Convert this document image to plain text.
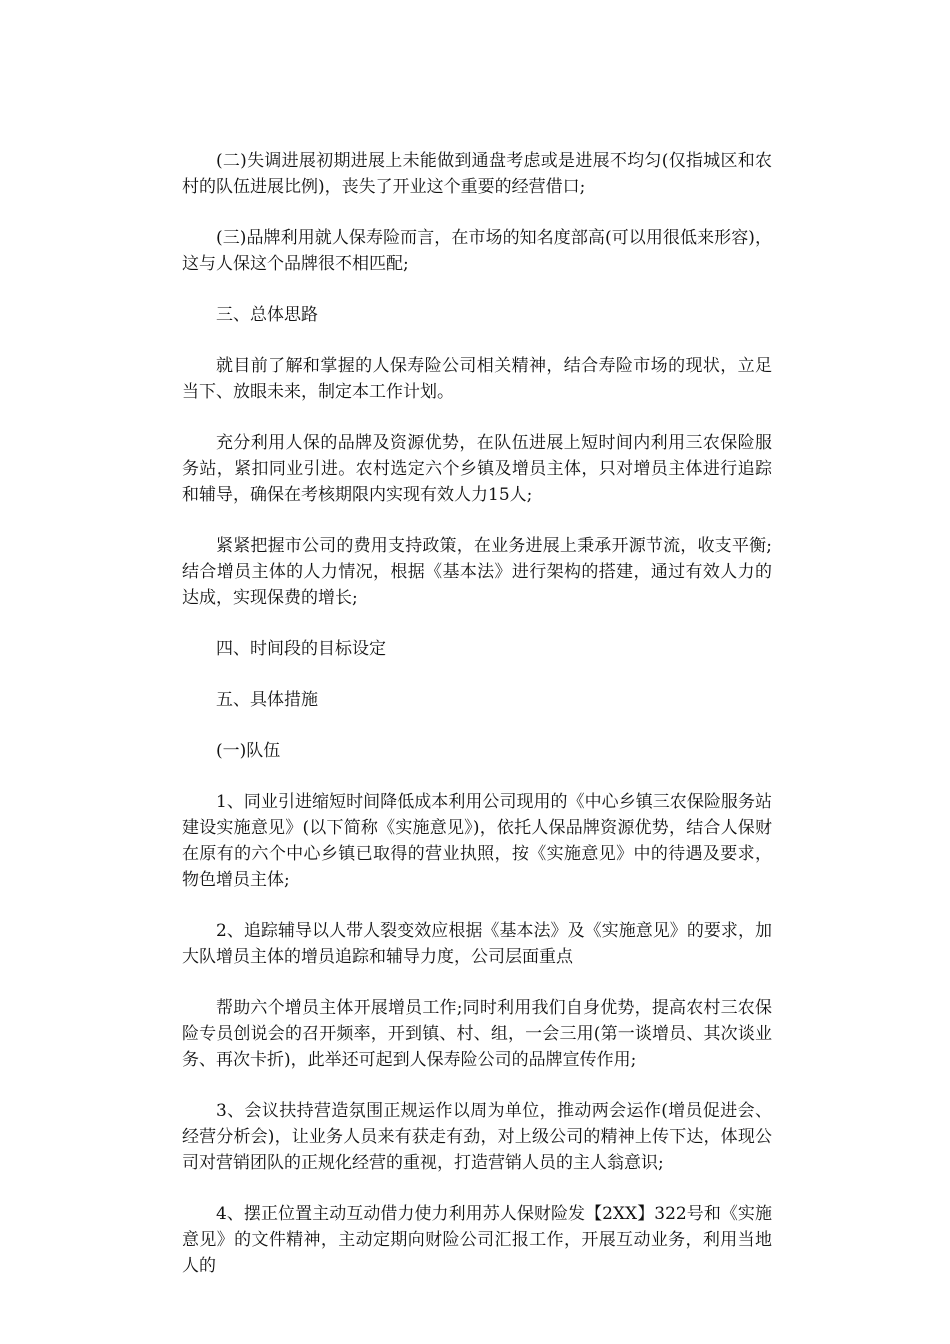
(二)失调进展初期进展上未能做到通盘考虑或是进展不均匀(仅指城区和农村的队伍进展比例)，丧失了开业这个重要的经营借口;

(三)品牌利用就人保寿险而言，在市场的知名度部高(可以用很低来形容)，这与人保这个品牌很不相匹配;

三、总体思路

就目前了解和掌握的人保寿险公司相关精神，结合寿险市场的现状，立足当下、放眼未来，制定本工作计划。

充分利用人保的品牌及资源优势，在队伍进展上短时间内利用三农保险服务站，紧扣同业引进。农村选定六个乡镇及增员主体，只对增员主体进行追踪和辅导，确保在考核期限内实现有效人力15人;

紧紧把握市公司的费用支持政策，在业务进展上秉承开源节流，收支平衡;结合增员主体的人力情况，根据《基本法》进行架构的搭建，通过有效人力的达成，实现保费的增长;

四、时间段的目标设定

五、具体措施

(一)队伍

1、同业引进缩短时间降低成本利用公司现用的《中心乡镇三农保险服务站建设实施意见》(以下简称《实施意见》)，依托人保品牌资源优势，结合人保财在原有的六个中心乡镇已取得的营业执照，按《实施意见》中的待遇及要求，物色增员主体;

2、追踪辅导以人带人裂变效应根据《基本法》及《实施意见》的要求，加大队增员主体的增员追踪和辅导力度，公司层面重点

帮助六个增员主体开展增员工作;同时利用我们自身优势，提高农村三农保险专员创说会的召开频率，开到镇、村、组，一会三用(第一谈增员、其次谈业务、再次卡折)，此举还可起到人保寿险公司的品牌宣传作用;

3、会议扶持营造氛围正规运作以周为单位，推动两会运作(增员促进会、经营分析会)，让业务人员来有获走有劲，对上级公司的精神上传下达，体现公司对营销团队的正规化经营的重视，打造营销人员的主人翁意识;

4、摆正位置主动互动借力使力利用苏人保财险发【2XX】322号和《实施意见》的文件精神，主动定期向财险公司汇报工作，开展互动业务，利用当地人的
